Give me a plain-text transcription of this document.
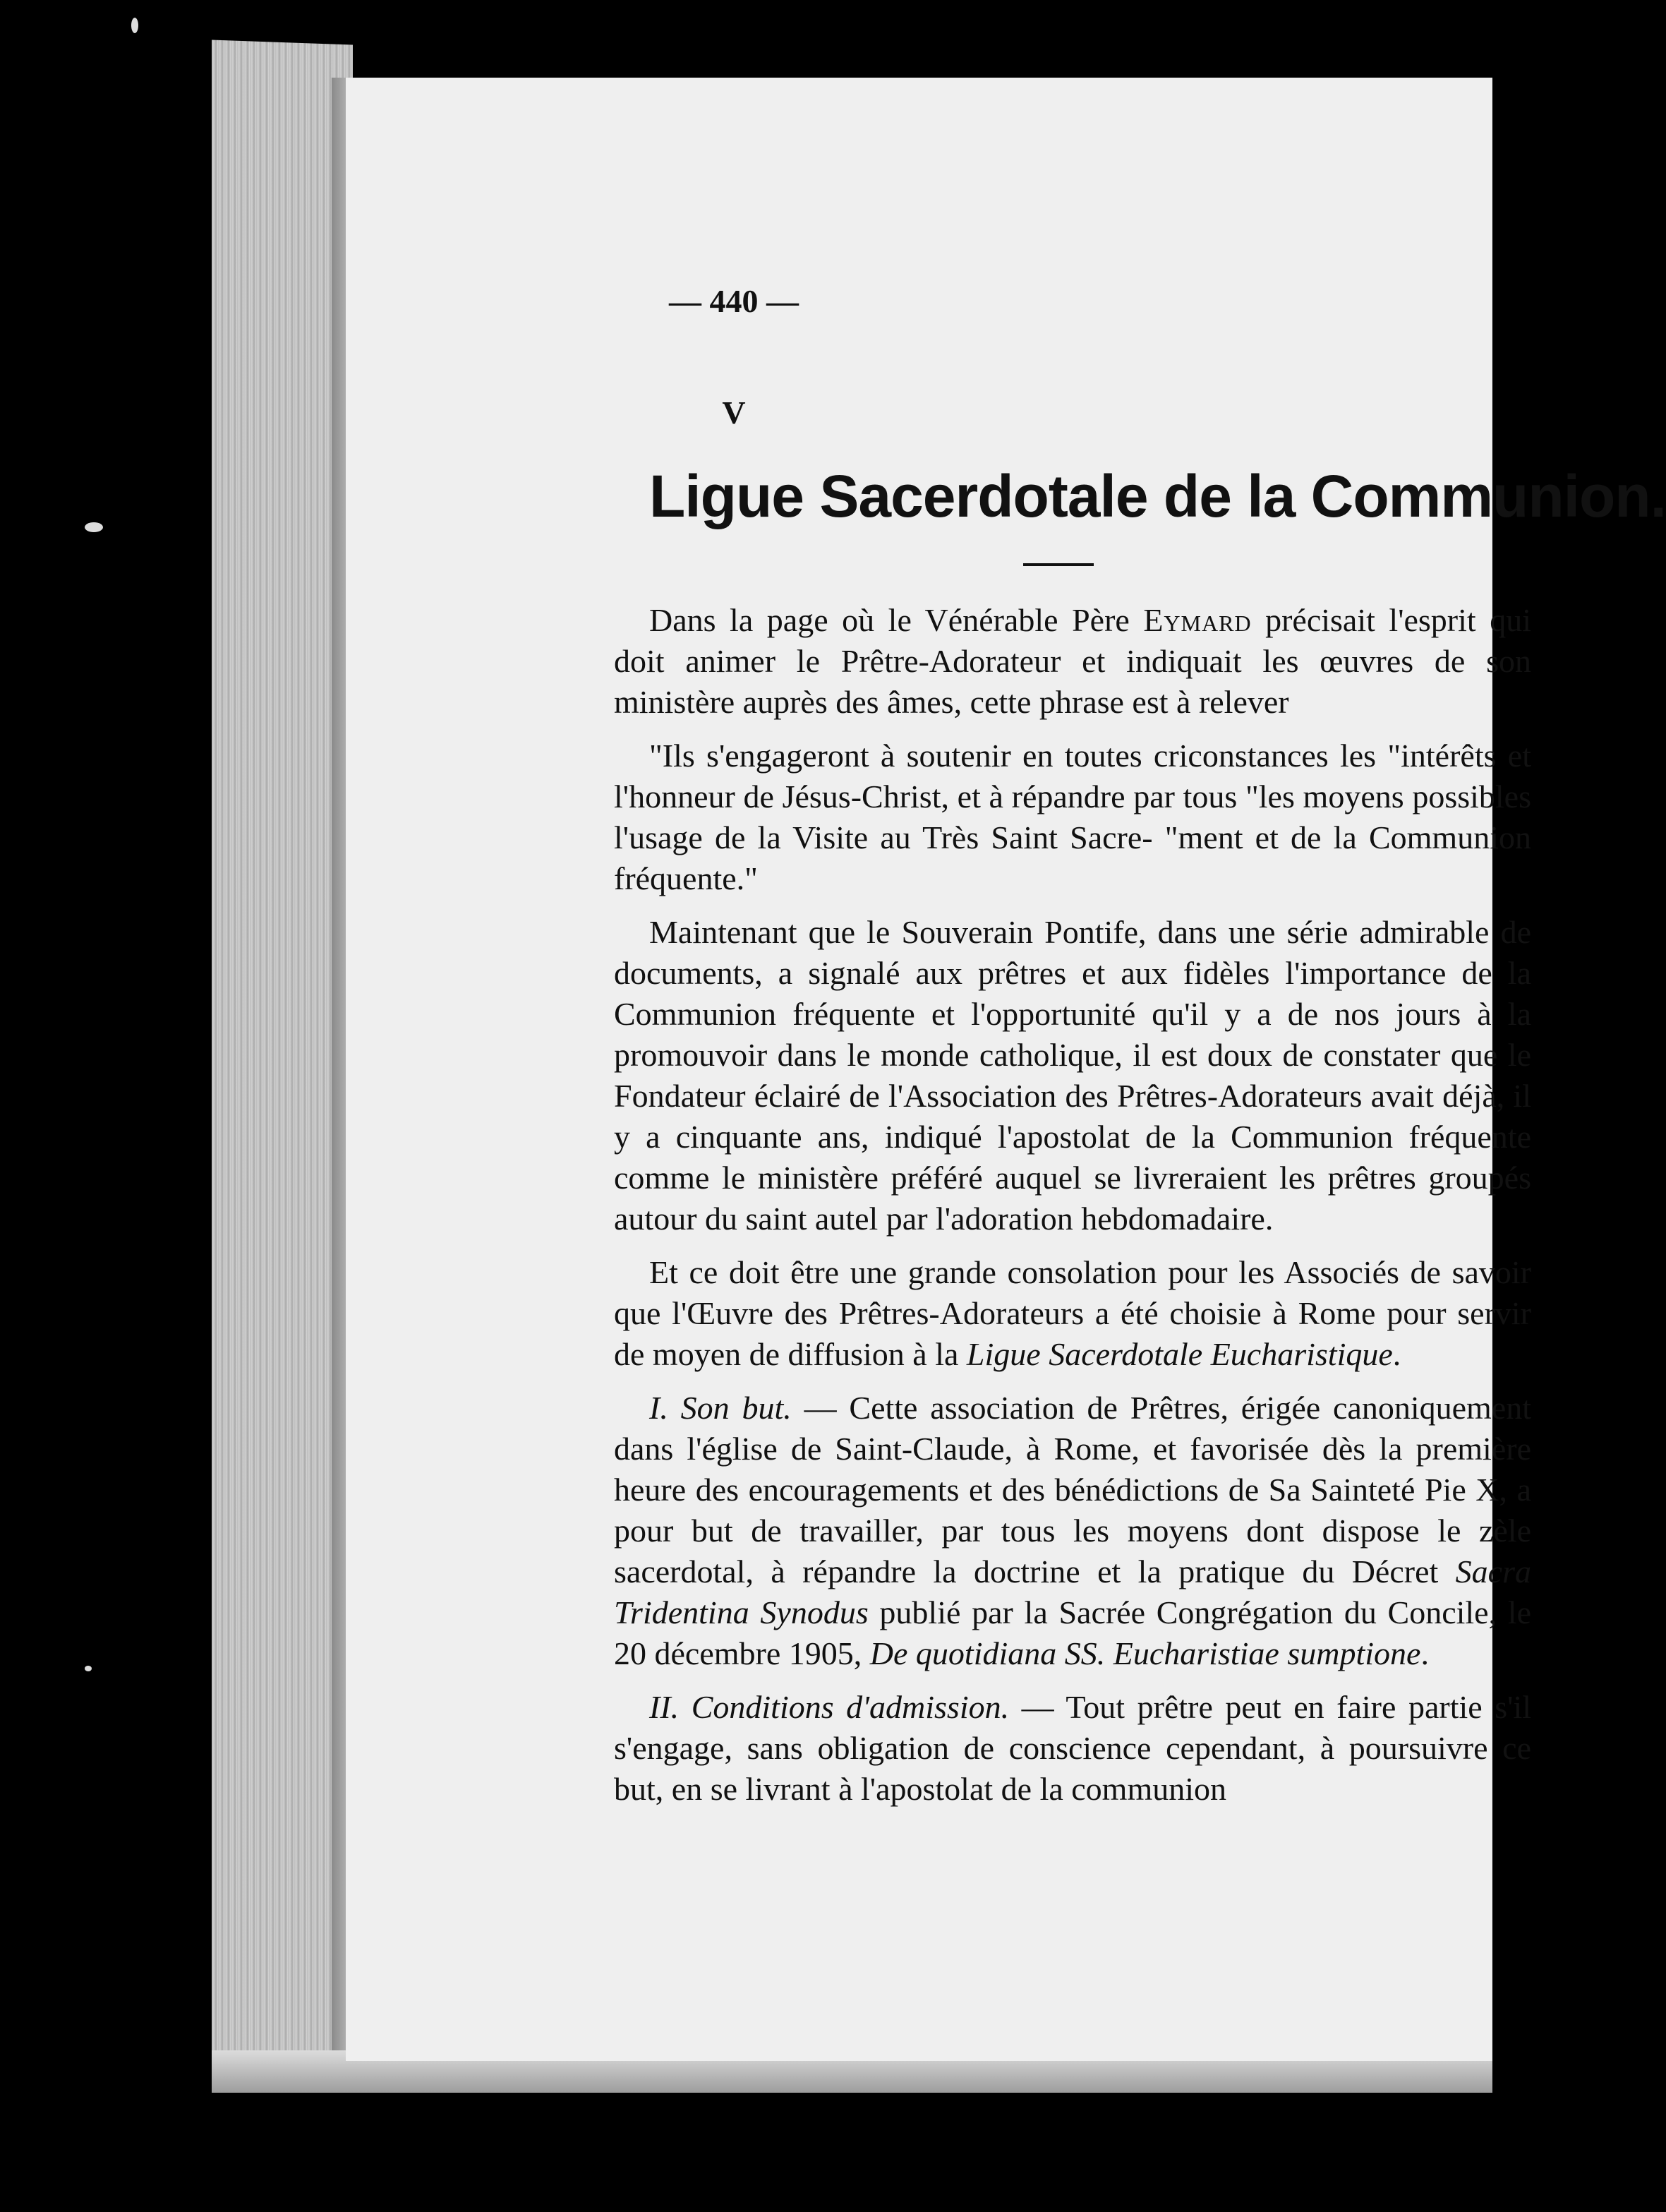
— 440 —
V
Ligue Sacerdotale de la Communion.

Dans la page où le Vénérable Père Eymard précisait l'esprit qui doit animer le Prêtre-Adorateur et indiquait les œuvres de son ministère auprès des âmes, cette phrase est à relever

"Ils s'engageront à soutenir en toutes criconstances les "intérêts et l'honneur de Jésus-Christ, et à répandre par tous "les moyens possibles l'usage de la Visite au Très Saint Sacre- "ment et de la Communion fréquente."

Maintenant que le Souverain Pontife, dans une série admirable de documents, a signalé aux prêtres et aux fidèles l'importance de la Communion fréquente et l'opportunité qu'il y a de nos jours à la promouvoir dans le monde catholique, il est doux de constater que le Fondateur éclairé de l'Association des Prêtres-Adorateurs avait déjà, il y a cinquante ans, indiqué l'apostolat de la Communion fréquente comme le ministère préféré auquel se livreraient les prêtres groupés autour du saint autel par l'adoration hebdomadaire.

Et ce doit être une grande consolation pour les Associés de savoir que l'Œuvre des Prêtres-Adorateurs a été choisie à Rome pour servir de moyen de diffusion à la Ligue Sacerdotale Eucharistique.

I. Son but. — Cette association de Prêtres, érigée canoniquement dans l'église de Saint-Claude, à Rome, et favorisée dès la première heure des encouragements et des bénédictions de Sa Sainteté Pie X, a pour but de travailler, par tous les moyens dont dispose le zèle sacerdotal, à répandre la doctrine et la pratique du Décret Sacra Tridentina Synodus publié par la Sacrée Congrégation du Concile, le 20 décembre 1905, De quotidiana SS. Eucharistiae sumptione.

II. Conditions d'admission. — Tout prêtre peut en faire partie s'il s'engage, sans obligation de conscience cependant, à poursuivre ce but, en se livrant à l'apostolat de la communion
